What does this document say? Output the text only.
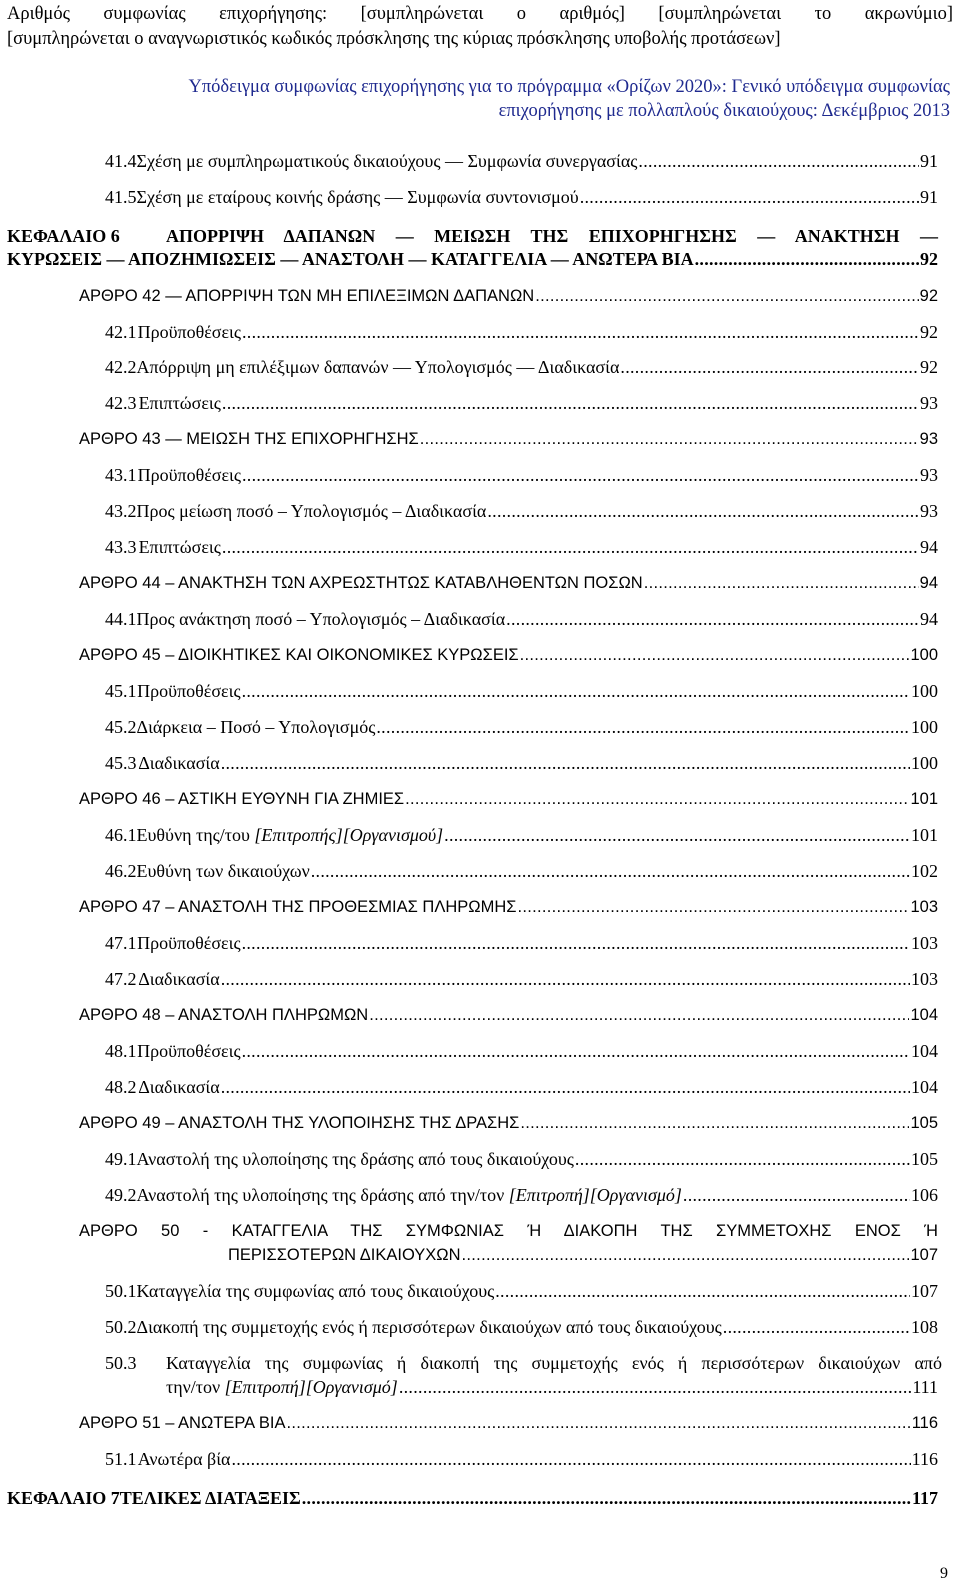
Αριθμός συμφωνίας επιχορήγησης: [συμπληρώνεται ο αριθμός] [συμπληρώνεται το ακρωνύμιο]
[συμπληρώνεται ο αναγνωριστικός κωδικός πρόσκλησης της κύριας πρόσκλησης υποβολής προτάσεων]
Υπόδειγμα συμφωνίας επιχορήγησης για το πρόγραμμα «Ορίζων 2020»: Γενικό υπόδειγμα συμφωνίας
επιχορήγησης με πολλαπλούς δικαιούχους: Δεκέμβριος 2013
41.4 Σχέση με συμπληρωματικούς δικαιούχους — Συμφωνία συνεργασίας .....	91
41.5 Σχέση με εταίρους κοινής δράσης — Συμφωνία συντονισμού .....	91
ΚΕΦΑΛΑΙΟ 6	ΑΠΟΡΡΙΨΗ ΔΑΠΑΝΩΝ — ΜΕΙΩΣΗ ΤΗΣ ΕΠΙΧΟΡΗΓΗΣΗΣ — ΑΝΑΚΤΗΣΗ —
ΚΥΡΩΣΕΙΣ — ΑΠΟΖΗΜΙΩΣΕΙΣ — ΑΝΑΣΤΟΛΗ — ΚΑΤΑΓΓΕΛΙΑ — ΑΝΩΤΕΡΑ ΒΙΑ .....	92
ΑΡΘΡΟ 42 — ΑΠΟΡΡΙΨΗ ΤΩΝ ΜΗ ΕΠΙΛΕΞΙΜΩΝ ΔΑΠΑΝΩΝ .....	92
42.1 Προϋποθέσεις .....	92
42.2 Απόρριψη μη επιλέξιμων δαπανών — Υπολογισμός — Διαδικασία .....	92
42.3 Επιπτώσεις .....	93
ΑΡΘΡΟ 43 — ΜΕΙΩΣΗ ΤΗΣ ΕΠΙΧΟΡΗΓΗΣΗΣ .....	93
43.1 Προϋποθέσεις .....	93
43.2 Προς μείωση ποσό – Υπολογισμός – Διαδικασία .....	93
43.3 Επιπτώσεις .....	94
ΑΡΘΡΟ 44 – ΑΝΑΚΤΗΣΗ ΤΩΝ ΑΧΡΕΩΣΤΗΤΩΣ ΚΑΤΑΒΛΗΘΕΝΤΩΝ ΠΟΣΩΝ .....	94
44.1 Προς ανάκτηση ποσό – Υπολογισμός – Διαδικασία .....	94
ΑΡΘΡΟ 45 – ΔΙΟΙΚΗΤΙΚΕΣ ΚΑΙ ΟΙΚΟΝΟΜΙΚΕΣ ΚΥΡΩΣΕΙΣ .....	100
45.1 Προϋποθέσεις .....	100
45.2 Διάρκεια – Ποσό – Υπολογισμός .....	100
45.3 Διαδικασία .....	100
ΑΡΘΡΟ 46 – ΑΣΤΙΚΗ ΕΥΘΥΝΗ ΓΙΑ ΖΗΜΙΕΣ .....	101
46.1 Ευθύνη της/του [Επιτροπής][Οργανισμού] .....	101
46.2 Ευθύνη των δικαιούχων .....	102
ΑΡΘΡΟ 47 – ΑΝΑΣΤΟΛΗ ΤΗΣ ΠΡΟΘΕΣΜΙΑΣ ΠΛΗΡΩΜΗΣ .....	103
47.1 Προϋποθέσεις .....	103
47.2 Διαδικασία .....	103
ΑΡΘΡΟ 48 – ΑΝΑΣΤΟΛΗ ΠΛΗΡΩΜΩΝ .....	104
48.1 Προϋποθέσεις .....	104
48.2 Διαδικασία .....	104
ΑΡΘΡΟ 49 – ΑΝΑΣΤΟΛΗ ΤΗΣ ΥΛΟΠΟΙΗΣΗΣ ΤΗΣ ΔΡΑΣΗΣ .....	105
49.1 Αναστολή της υλοποίησης της δράσης από τους δικαιούχους .....	105
49.2 Αναστολή της υλοποίησης της δράσης από την/τον [Επιτροπή][Οργανισμό] .....	106
ΑΡΘΡΟ 50 - ΚΑΤΑΓΓΕΛΙΑ ΤΗΣ ΣΥΜΦΩΝΙΑΣ Ή ΔΙΑΚΟΠΗ ΤΗΣ ΣΥΜΜΕΤΟΧΗΣ ΕΝΟΣ Ή
ΠΕΡΙΣΣΟΤΕΡΩΝ ΔΙΚΑΙΟΥΧΩΝ .....	107
50.1 Καταγγελία της συμφωνίας από τους δικαιούχους .....	107
50.2 Διακοπή της συμμετοχής ενός ή περισσότερων δικαιούχων από τους δικαιούχους .....	108
50.3	Καταγγελία της συμφωνίας ή διακοπή της συμμετοχής ενός ή περισσότερων δικαιούχων από
την/τον [Επιτροπή][Οργανισμό] .....	111
ΑΡΘΡΟ 51 – ΑΝΩΤΕΡΑ ΒΙΑ .....	116
51.1 Ανωτέρα βία .....	116
ΚΕΦΑΛΑΙΟ 7 ΤΕΛΙΚΕΣ ΔΙΑΤΑΞΕΙΣ .....	117
9
